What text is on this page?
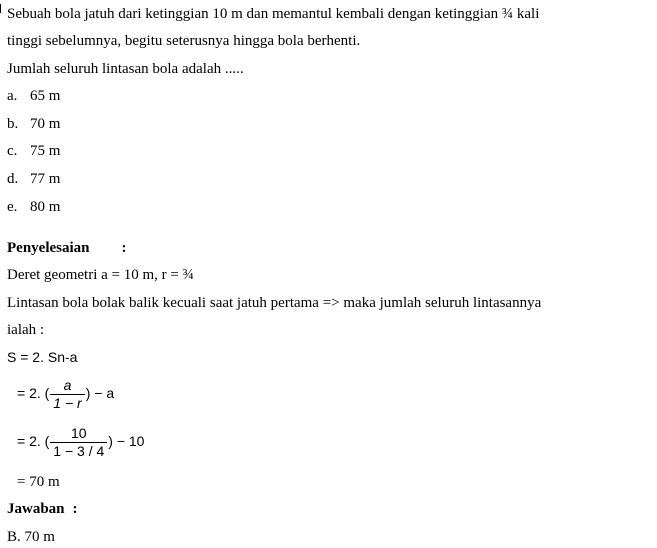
Sebuah bola jatuh dari ketinggian 10 m dan memantul kembali dengan ketinggian ¾ kali
tinggi sebelumnya, begitu seterusnya hingga bola berhenti.
Jumlah seluruh lintasan bola adalah .....
a. 65 m
b. 70 m
c. 75 m
d. 77 m
e. 80 m
Penyelesaian :
Deret geometri a = 10 m, r = ¾
Lintasan bola bolak balik kecuali saat jatuh pertama => maka jumlah seluruh lintasannya
ialah :
S = 2. Sn-a
= 2. ( $\frac{a}{1 - r}$ ) − a
= 2. ( $\frac{10}{1 - 3 / 4}$ ) − 10
= 70 m
Jawaban :
B. 70 m
